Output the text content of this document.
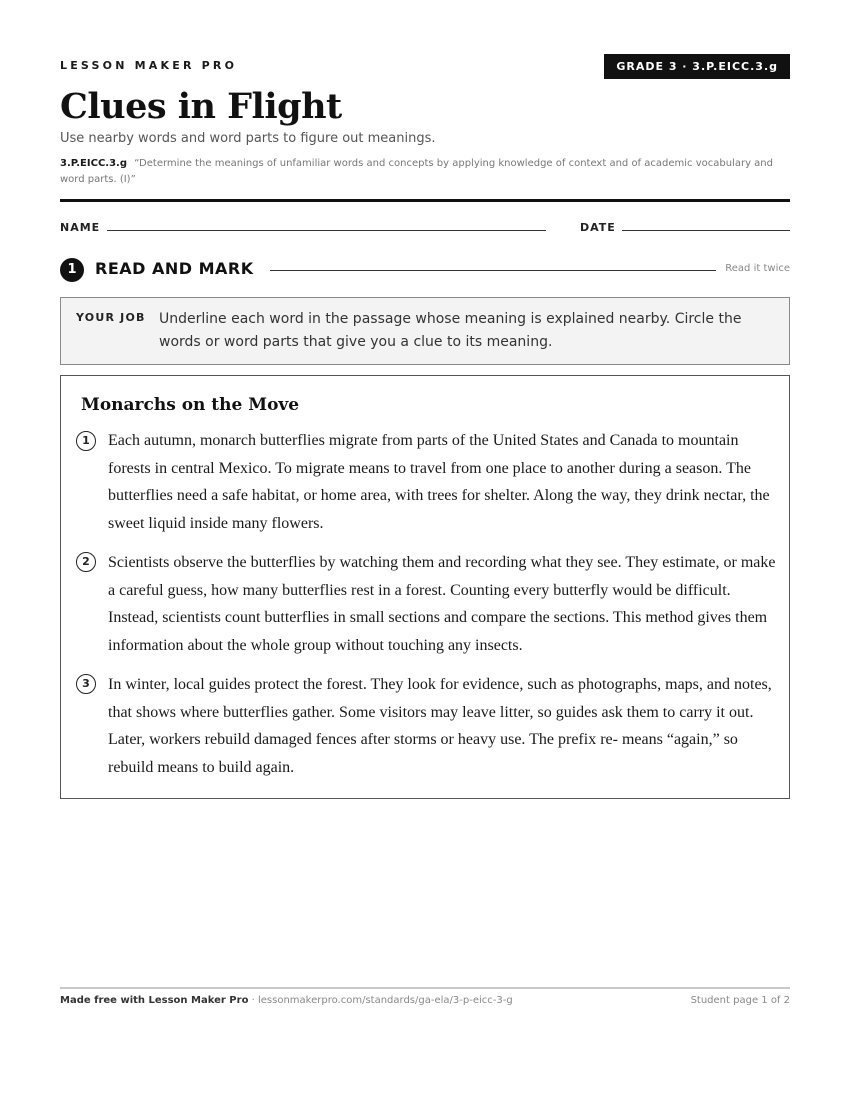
LESSON MAKER PRO	GRADE 3 · 3.P.EICC.3.g
Clues in Flight
Use nearby words and word parts to figure out meanings.
3.P.EICC.3.g “Determine the meanings of unfamiliar words and concepts by applying knowledge of context and of academic vocabulary and word parts. (I)”
NAME	DATE
1	READ AND MARK	Read it twice
YOUR JOB Underline each word in the passage whose meaning is explained nearby. Circle the words or word parts that give you a clue to its meaning.
Monarchs on the Move
1	Each autumn, monarch butterflies migrate from parts of the United States and Canada to mountain forests in central Mexico. To migrate means to travel from one place to another during a season. The butterflies need a safe habitat, or home area, with trees for shelter. Along the way, they drink nectar, the sweet liquid inside many flowers.

2	Scientists observe the butterflies by watching them and recording what they see. They estimate, or make a careful guess, how many butterflies rest in a forest. Counting every butterfly would be difficult. Instead, scientists count butterflies in small sections and compare the sections. This method gives them information about the whole group without touching any insects.

3	In winter, local guides protect the forest. They look for evidence, such as photographs, maps, and notes, that shows where butterflies gather. Some visitors may leave litter, so guides ask them to carry it out. Later, workers rebuild damaged fences after storms or heavy use. The prefix re- means “again,” so rebuild means to build again.

Made free with Lesson Maker Pro · lessonmakerpro.com/standards/ga-ela/3-p-eicc-3-g	Student page 1 of 2
